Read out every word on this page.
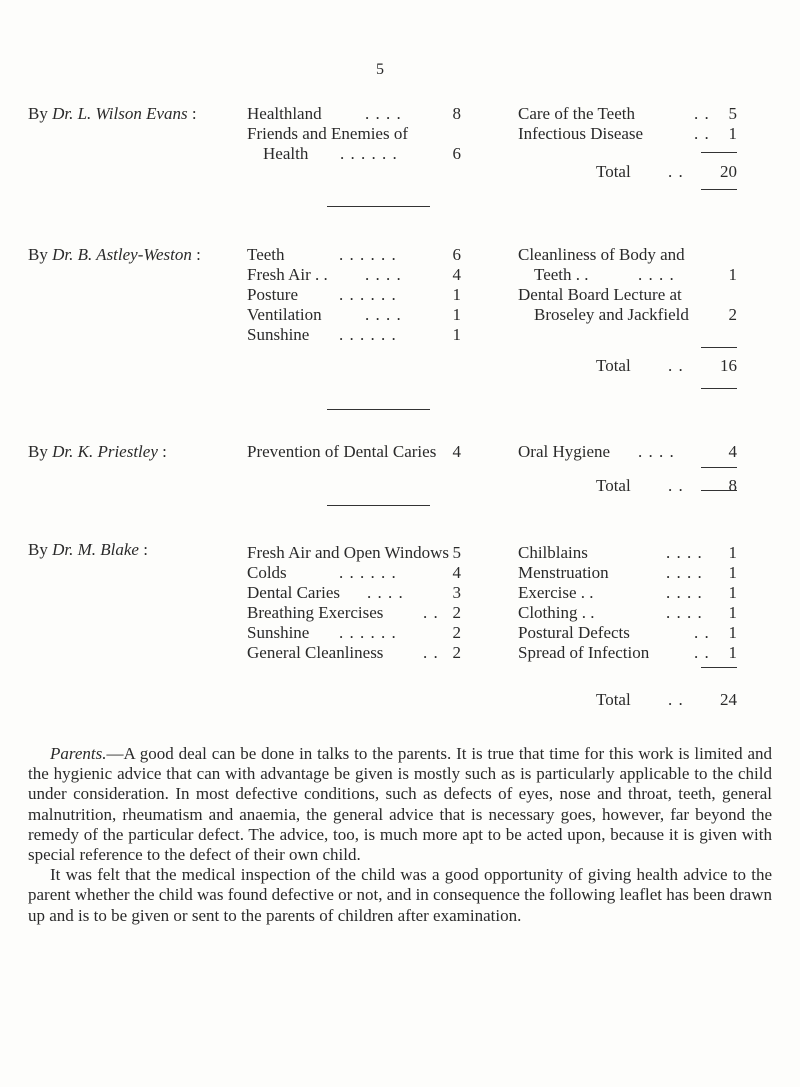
5
By Dr. L. Wilson Evans :	Healthland	. . . .	8
Friends and Enemies of
Health . . . . . .	6
Care of the Teeth	. . 5
Infectious Disease	. . 1
Total . . 20
By Dr. B. Astley-Weston :	Teeth	. . . . . .	6
Fresh Air . . . . . .	4
Posture . . . . . .	1
Ventilation	. . . .	1
Sunshine . . . . . .	1
Cleanliness of Body and
Teeth . .	. . . .	1
Dental Board Lecture at
Broseley and Jackfield 2
Total . . 16
By Dr. K. Priestley :	Prevention of Dental Caries 4	Oral Hygiene . . . .	4
Total . .	8
By Dr. M. Blake :	Fresh Air and Open Windows 5
Colds	. . . . . .	4
Dental Caries . . . .	3
Breathing Exercises . . 2
Sunshine . . . . . .	2
General Cleanliness . . 2
Chilblains	. . . . 1
Menstruation	. . . . 1
Exercise . .	. . . . 1
Clothing . .	. . . . 1
Postural Defects	. . 1
Spread of Infection	. . 1
Total . . 24

Parents.—A good deal can be done in talks to the parents. It is true that time for this work is limited and the hygienic advice that can with advantage be given is mostly such as is particularly applicable to the child under consideration. In most defective conditions, such as defects of eyes, nose and throat, teeth, general malnutrition, rheumatism and anaemia, the general advice that is necessary goes, however, far beyond the remedy of the particular defect. The advice, too, is much more apt to be acted upon, because it is given with special reference to the defect of their own child.

It was felt that the medical inspection of the child was a good opportunity of giving health advice to the parent whether the child was found defective or not, and in consequence the following leaflet has been drawn up and is to be given or sent to the parents of children after examination.
